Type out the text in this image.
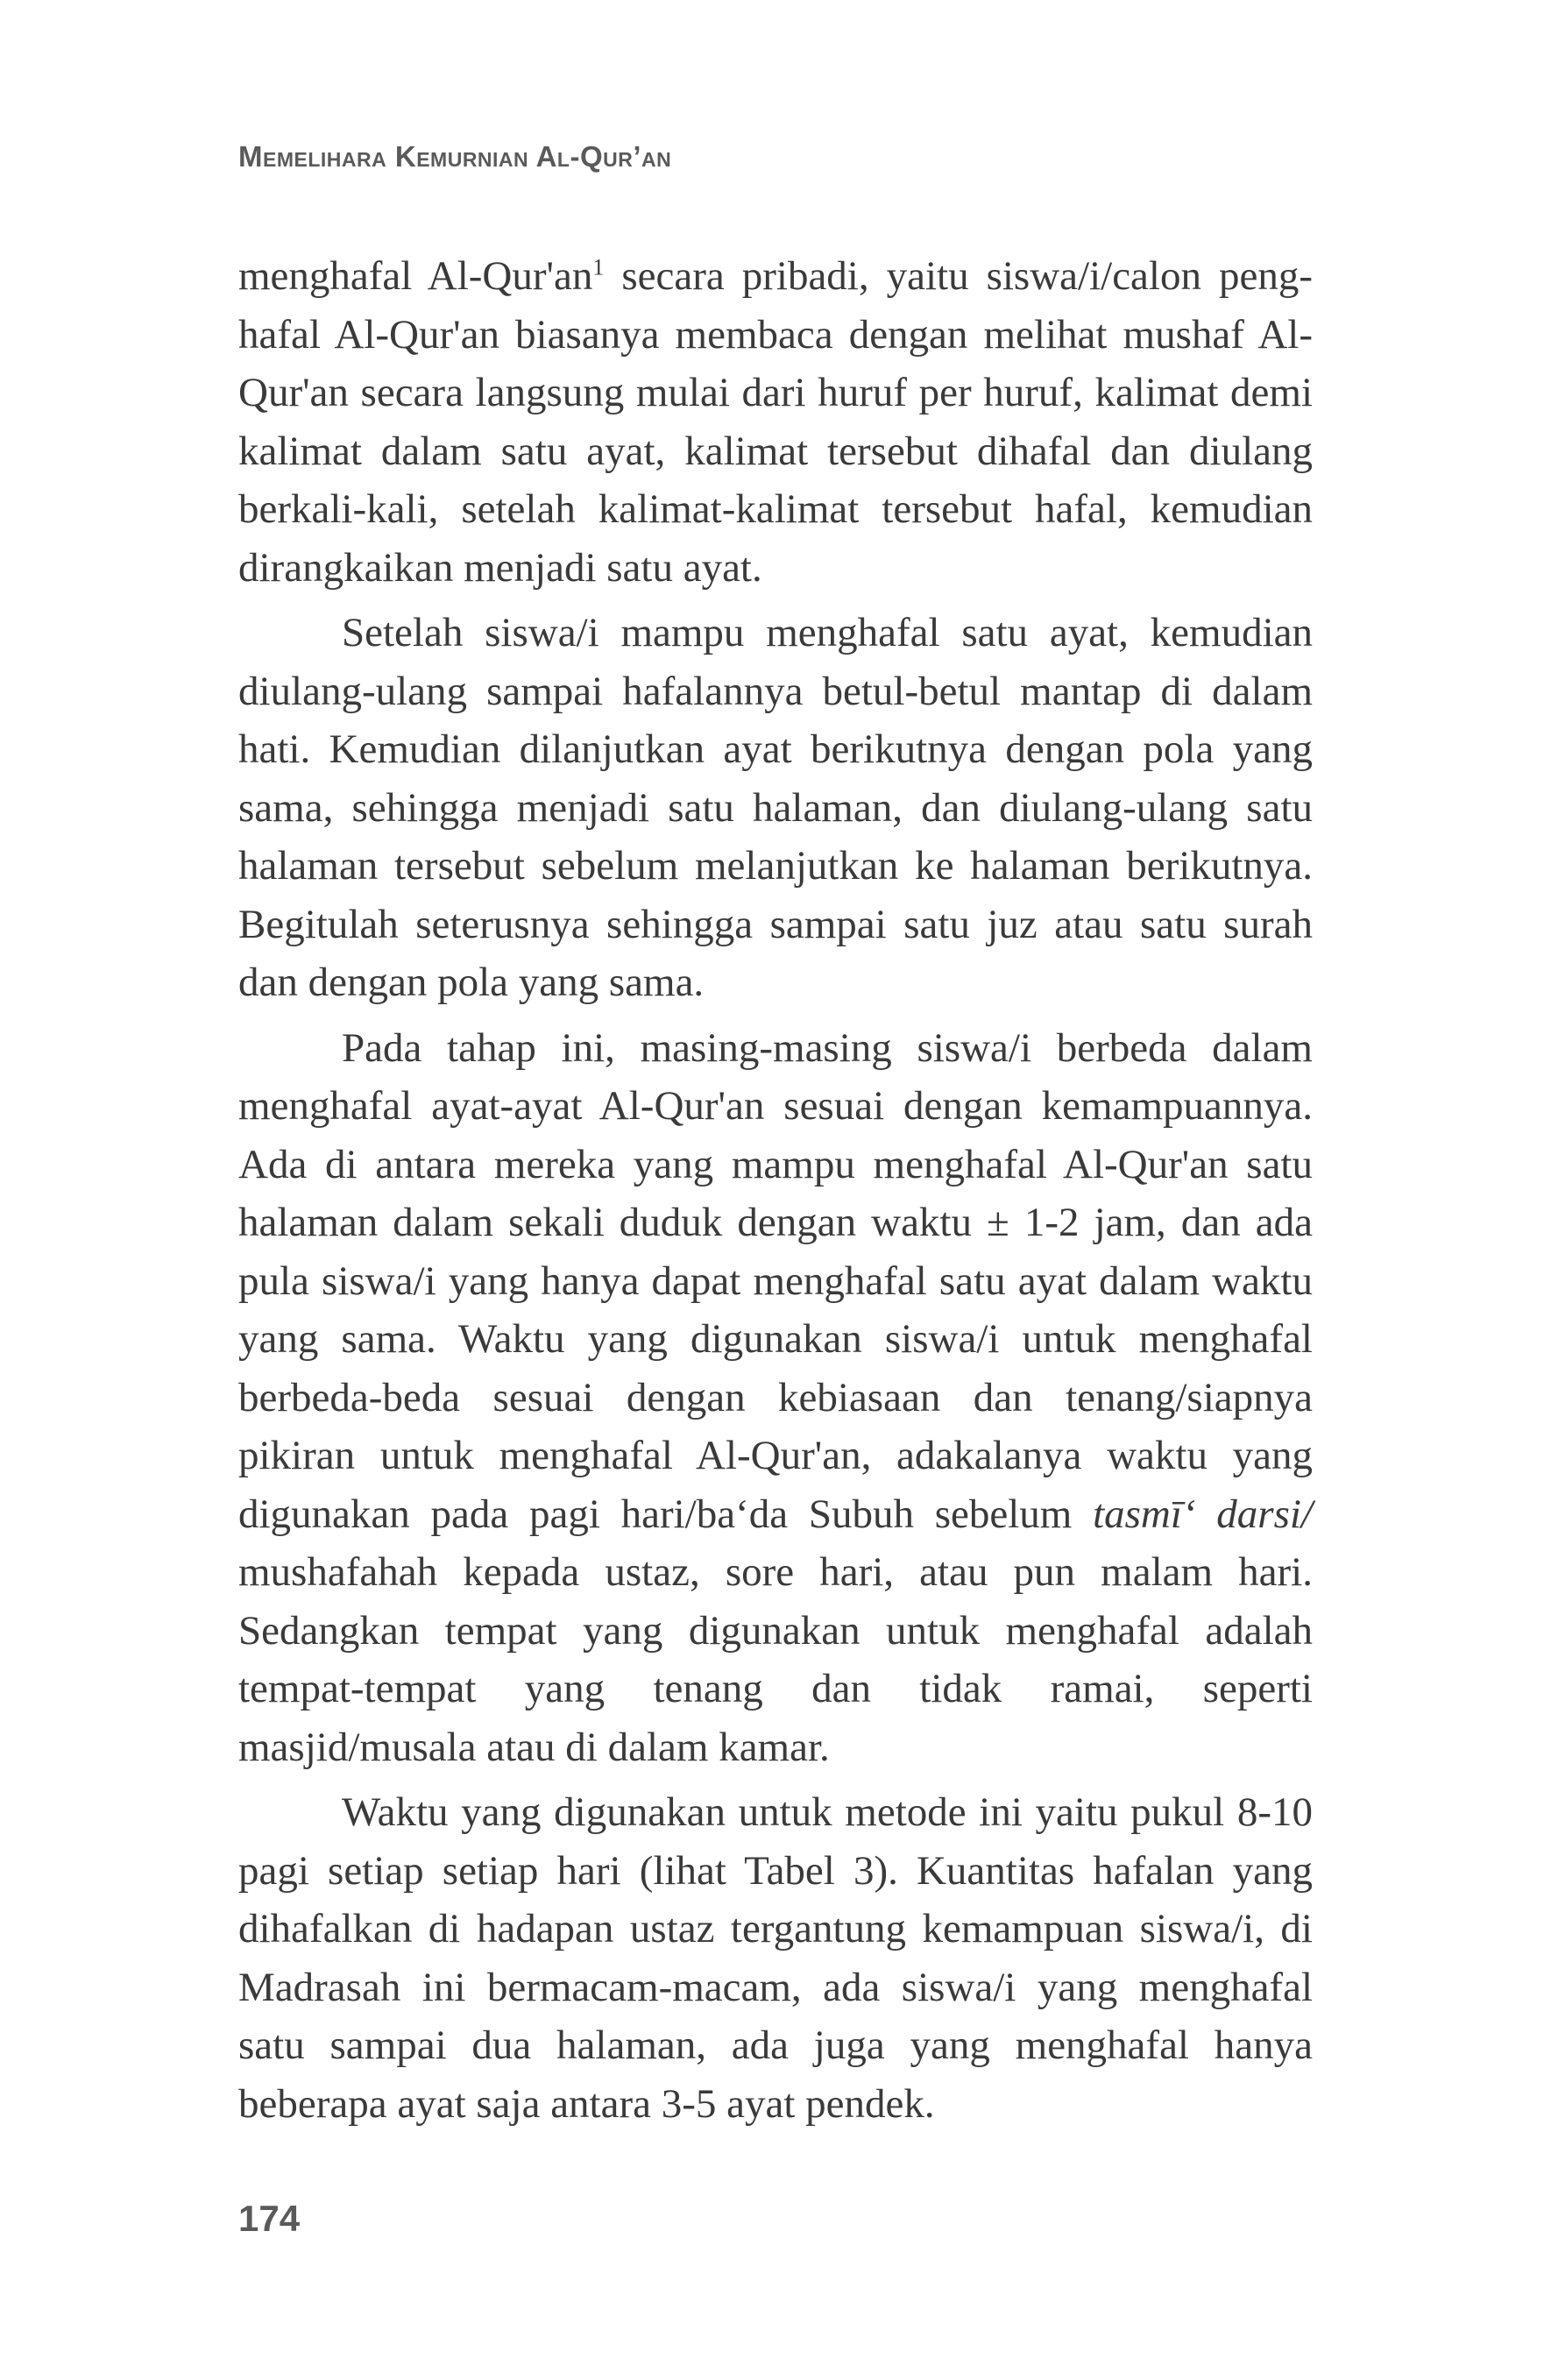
Memelihara Kemurnian Al-Qur’an

menghafal $Al-Qur'an^1$ secara pribadi, yaitu siswa/i/calon penghafal Al-Qur'an biasanya membaca dengan melihat mushaf Al-Qur'an secara langsung mulai dari huruf per huruf, kalimat demi kalimat dalam satu ayat, kalimat tersebut dihafal dan diulang berkali-kali, setelah kalimat-kalimat tersebut hafal, kemudian dirangkaikan menjadi satu ayat.

Setelah siswa/i mampu menghafal satu ayat, kemudian diulang-ulang sampai hafalannya betul-betul mantap di dalam hati. Kemudian dilanjutkan ayat berikutnya dengan pola yang sama, sehingga menjadi satu halaman, dan diulang-ulang satu halaman tersebut sebelum melanjutkan ke halaman berikutnya. Begitulah seterusnya sehingga sampai satu juz atau satu surah dan dengan pola yang sama.

Pada tahap ini, masing-masing siswa/i berbeda dalam menghafal ayat-ayat Al-Qur'an sesuai dengan kemampuannya. Ada di antara mereka yang mampu menghafal Al-Qur'an satu halaman dalam sekali duduk dengan waktu ± 1-2 jam, dan ada pula siswa/i yang hanya dapat menghafal satu ayat dalam waktu yang sama. Waktu yang digunakan siswa/i untuk menghafal berbeda-beda sesuai dengan kebiasaan dan tenang/siapnya pikiran untuk menghafal Al-Qur'an, adakalanya waktu yang digunakan pada pagi hari/ba‘da Subuh sebelum tasmī‘ darsi/ mushafahah kepada ustaz, sore hari, atau pun malam hari. Sedangkan tempat yang digunakan untuk menghafal adalah tempat-tempat yang tenang dan tidak ramai, seperti masjid/musala atau di dalam kamar.

Waktu yang digunakan untuk metode ini yaitu pukul 8-10 pagi setiap setiap hari (lihat Tabel 3). Kuantitas hafalan yang dihafalkan di hadapan ustaz tergantung kemampuan siswa/i, di Madrasah ini bermacam-macam, ada siswa/i yang menghafal satu sampai dua halaman, ada juga yang menghafal hanya beberapa ayat saja antara 3-5 ayat pendek.

174
